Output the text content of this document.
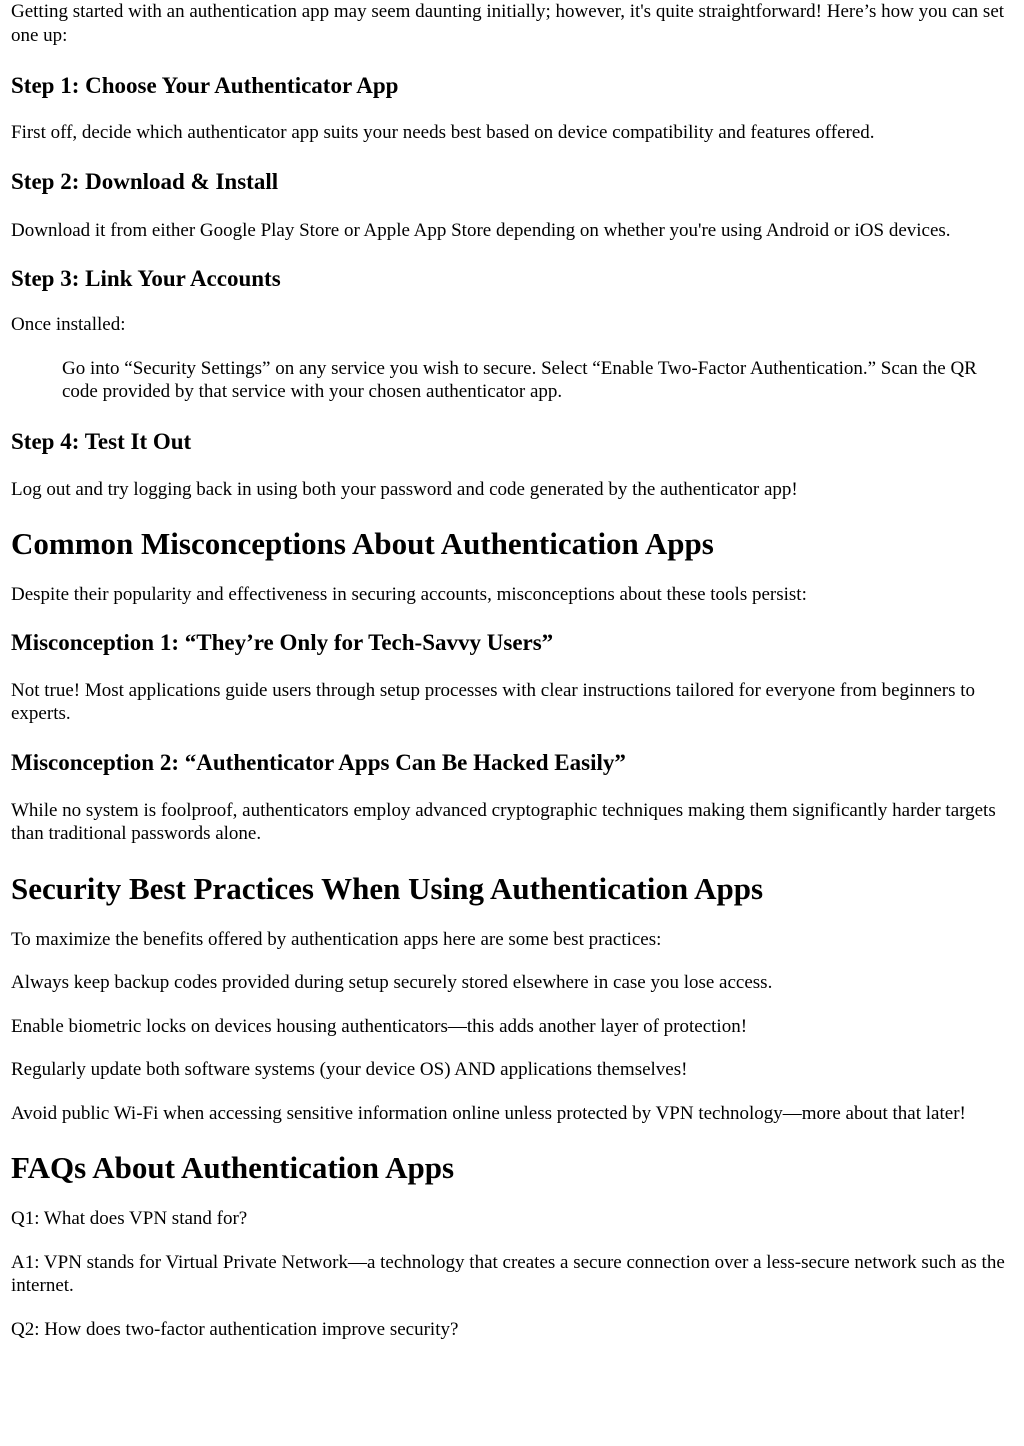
Getting started with an authentication app may seem daunting initially; however, it's quite straightforward! Here’s how you can set one up:

Step 1: Choose Your Authenticator App

First off, decide which authenticator app suits your needs best based on device compatibility and features offered.

Step 2: Download & Install

Download it from either Google Play Store or Apple App Store depending on whether you're using Android or iOS devices.

Step 3: Link Your Accounts

Once installed:

Go into “Security Settings” on any service you wish to secure. Select “Enable Two-Factor Authentication.” Scan the QR code provided by that service with your chosen authenticator app.

Step 4: Test It Out

Log out and try logging back in using both your password and code generated by the authenticator app!

Common Misconceptions About Authentication Apps

Despite their popularity and effectiveness in securing accounts, misconceptions about these tools persist:

Misconception 1: “They’re Only for Tech-Savvy Users”

Not true! Most applications guide users through setup processes with clear instructions tailored for everyone from beginners to experts.

Misconception 2: “Authenticator Apps Can Be Hacked Easily”

While no system is foolproof, authenticators employ advanced cryptographic techniques making them significantly harder targets than traditional passwords alone.

Security Best Practices When Using Authentication Apps

To maximize the benefits offered by authentication apps here are some best practices:

Always keep backup codes provided during setup securely stored elsewhere in case you lose access.

Enable biometric locks on devices housing authenticators—this adds another layer of protection!

Regularly update both software systems (your device OS) AND applications themselves!

Avoid public Wi-Fi when accessing sensitive information online unless protected by VPN technology—more about that later!

FAQs About Authentication Apps

Q1: What does VPN stand for?

A1: VPN stands for Virtual Private Network—a technology that creates a secure connection over a less-secure network such as the internet.

Q2: How does two-factor authentication improve security?
